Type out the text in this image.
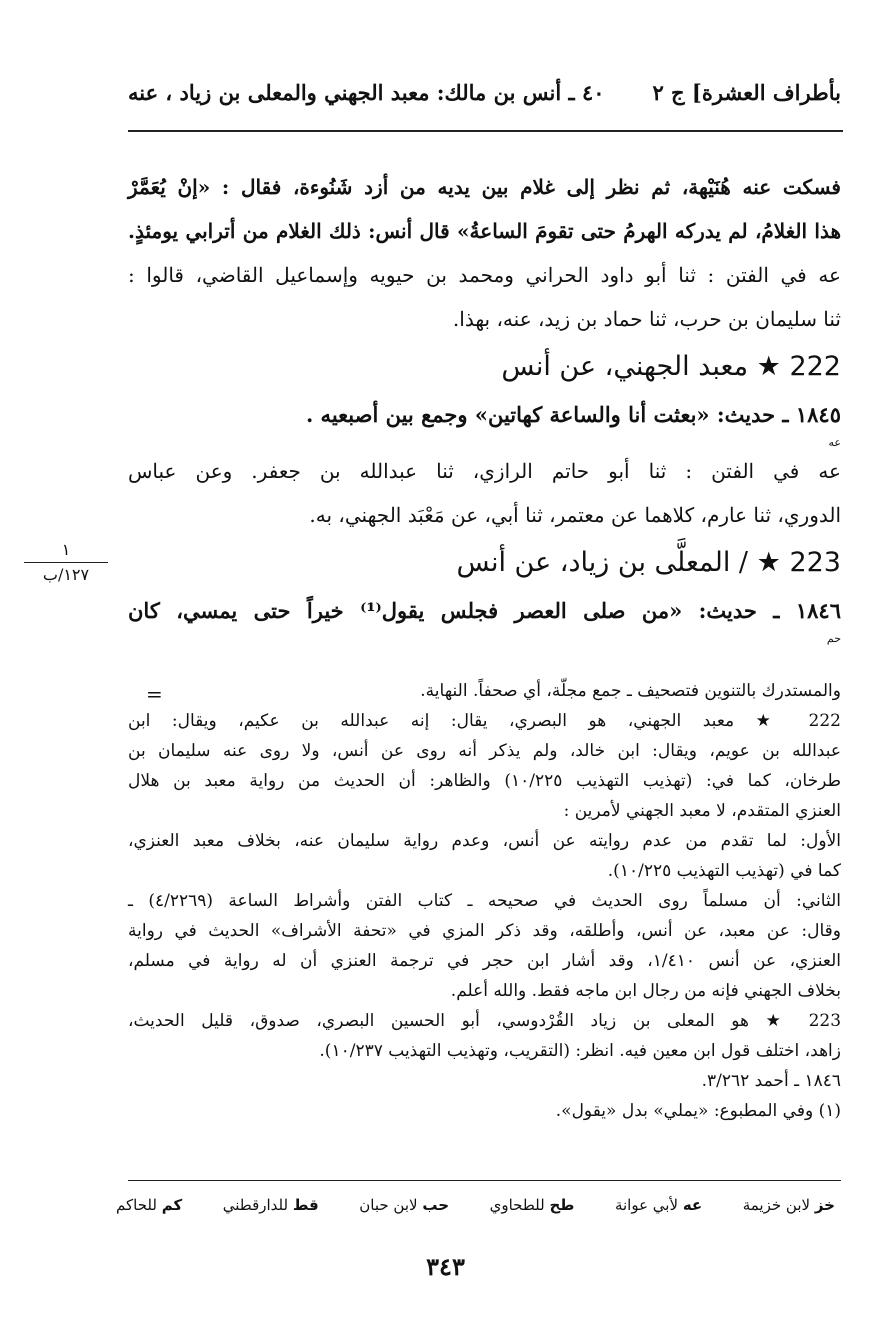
بأطراف العشرة] ج ٢
٤٠ ـ أنس بن مالك: معبد الجهني والمعلى بن زياد ، عنه
فسكت عنه هُنَيْهة، ثم نظر إلى غلام بين يديه من أزد شَنُوءة، فقال : «إنْ يُعَمَّرْ
هذا الغلامُ، لم يدركه الهرمُ حتى تقومَ الساعةُ» قال أنس: ذلك الغلام من أترابي يومئذٍ.
عه في الفتن : ثنا أبو داود الحراني ومحمد بن حيويه وإسماعيل القاضي، قالوا :
ثنا سليمان بن حرب، ثنا حماد بن زيد، عنه، بهذا.
222 ★ معبد الجهني، عن أنس
١٨٤٥ ـ حديث: «بعثت أنا والساعة كهاتين» وجمع بين أصبعيه .
عه
عه في الفتن : ثنا أبو حاتم الرازي، ثنا عبدالله بن جعفر. وعن عباس
الدوري، ثنا عارم، كلاهما عن معتمر، ثنا أبي، عن مَعْبَد الجهني، به.
223 ★ / المعلَّى بن زياد، عن أنس
١٨٤٦ ـ حديث: «من صلى العصر فجلس يقول⁽¹⁾ خيراً حتى يمسي، كان
حم
١
١٢٧/ب
=	والمستدرك بالتنوين فتصحيف ـ جمع مجلّة، أي صحفاً. النهاية.
222 ★ معبد الجهني، هو البصري، يقال: إنه عبدالله بن عكيم، ويقال: ابن
عبدالله بن عويم، ويقال: ابن خالد، ولم يذكر أنه روى عن أنس، ولا روى عنه سليمان بن
طرخان، كما في: (تهذيب التهذيب ١٠/٢٢٥) والظاهر: أن الحديث من رواية معبد بن هلال
العنزي المتقدم، لا معبد الجهني لأمرين :
الأول: لما تقدم من عدم روايته عن أنس، وعدم رواية سليمان عنه، بخلاف معبد العنزي،
كما في (تهذيب التهذيب ١٠/٢٢٥).
الثاني: أن مسلماً روى الحديث في صحيحه ـ كتاب الفتن وأشراط الساعة (٤/٢٢٦٩) ـ
وقال: عن معبد، عن أنس، وأطلقه، وقد ذكر المزي في «تحفة الأشراف» الحديث في رواية
العنزي، عن أنس ١/٤١٠، وقد أشار ابن حجر في ترجمة العنزي أن له رواية في مسلم،
بخلاف الجهني فإنه من رجال ابن ماجه فقط. والله أعلم.
223 ★ هو المعلى بن زياد القُرْدوسي، أبو الحسين البصري، صدوق، قليل الحديث،
زاهد، اختلف قول ابن معين فيه. انظر: (التقريب، وتهذيب التهذيب ١٠/٢٣٧).
١٨٤٦ ـ أحمد ٣/٢٦٢.
(١) وفي المطبوع: «يملي» بدل «يقول».
خز لابن خزيمة
عه لأبي عوانة
طح للطحاوي
حب لابن حبان
قط للدارقطني
كم للحاكم
٣٤٣
